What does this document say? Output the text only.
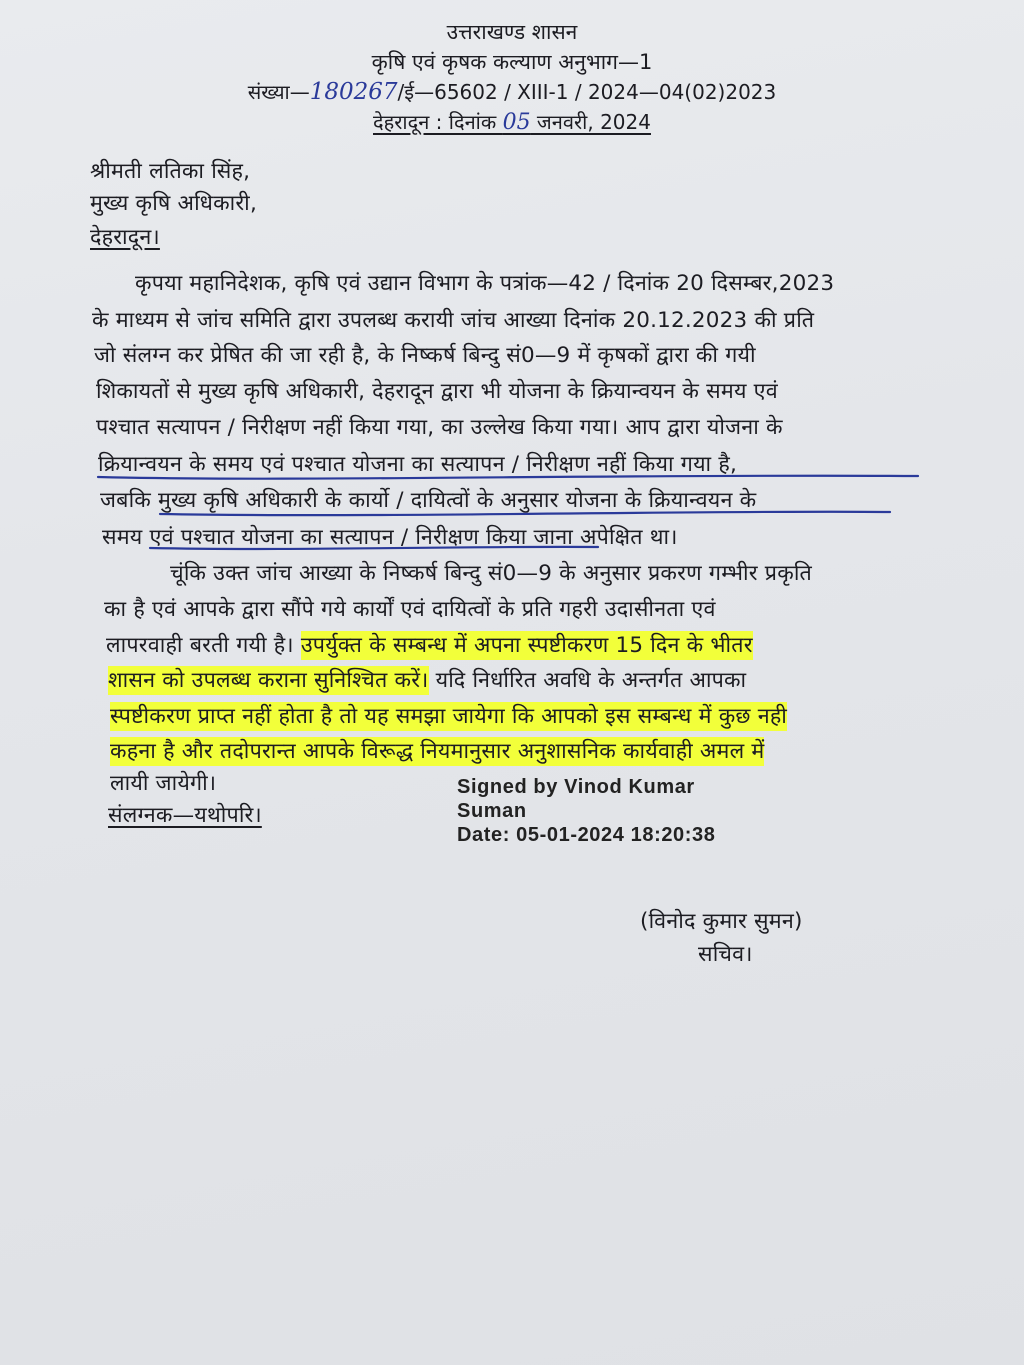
उत्तराखण्ड शासन
कृषि एवं कृषक कल्याण अनुभाग—1
संख्या—180267/ई—65602 / XIII-1 / 2024—04(02)2023
देहरादून : दिनांक 05 जनवरी, 2024
श्रीमती लतिका सिंह,
मुख्य कृषि अधिकारी,
देहरादून।
कृपया महानिदेशक, कृषि एवं उद्यान विभाग के पत्रांक—42 / दिनांक 20 दिसम्बर,2023
के माध्यम से जांच समिति द्वारा उपलब्ध करायी जांच आख्या दिनांक 20.12.2023 की प्रति
जो संलग्न कर प्रेषित की जा रही है, के निष्कर्ष बिन्दु सं0—9 में कृषकों द्वारा की गयी
शिकायतों से मुख्य कृषि अधिकारी, देहरादून द्वारा भी योजना के क्रियान्वयन के समय एवं
पश्चात सत्यापन / निरीक्षण नहीं किया गया, का उल्लेख किया गया। आप द्वारा योजना के
क्रियान्वयन के समय एवं पश्चात योजना का सत्यापन / निरीक्षण नहीं किया गया है,
जबकि मुख्य कृषि अधिकारी के कार्यो / दायित्वों के अनुसार योजना के क्रियान्वयन के
समय एवं पश्चात योजना का सत्यापन / निरीक्षण किया जाना अपेक्षित था।
चूंकि उक्त जांच आख्या के निष्कर्ष बिन्दु सं0—9 के अनुसार प्रकरण गम्भीर प्रकृति
का है एवं आपके द्वारा सौंपे गये कार्यों एवं दायित्वों के प्रति गहरी उदासीनता एवं
लापरवाही बरती गयी है। उपर्युक्त के सम्बन्ध में अपना स्पष्टीकरण 15 दिन के भीतर
शासन को उपलब्ध कराना सुनिश्चित करें। यदि निर्धारित अवधि के अन्तर्गत आपका
स्पष्टीकरण प्राप्त नहीं होता है तो यह समझा जायेगा कि आपको इस सम्बन्ध में कुछ नही
कहना है और तदोपरान्त आपके विरूद्ध नियमानुसार अनुशासनिक कार्यवाही अमल में
लायी जायेगी।
संलग्नक—यथोपरि।
Signed by Vinod Kumar
Suman
Date: 05-01-2024 18:20:38
(विनोद कुमार सुमन)
सचिव।
